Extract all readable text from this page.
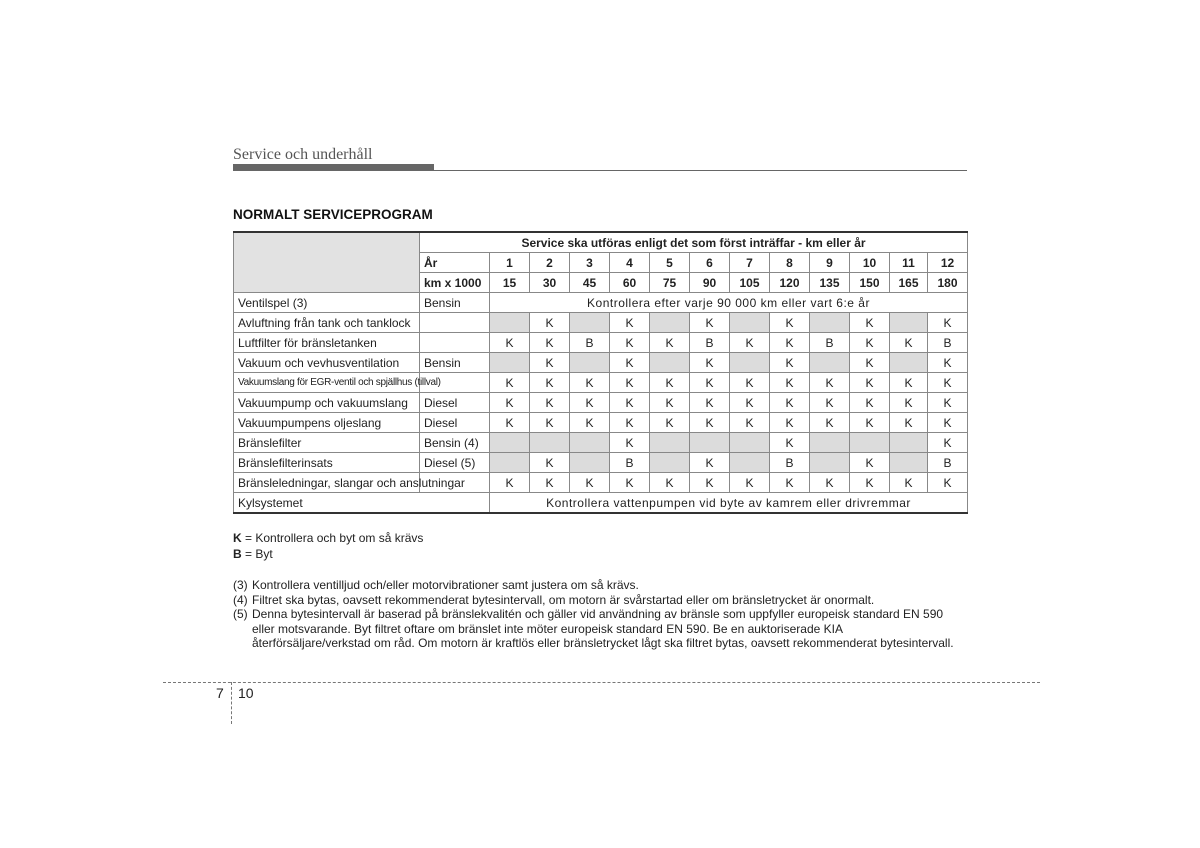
Service och underhåll
NORMALT SERVICEPROGRAM
	Service ska utföras enligt det som först inträffar - km eller år												
	År	1	2	3	4	5	6	7	8	9	10	11	12
	km x 1000	15	30	45	60	75	90	105	120	135	150	165	180
Ventilspel (3)	Bensin	Kontrollera efter varje 90 000 km eller vart 6:e år											
Avluftning från tank och tanklock			K		K		K		K		K		K
Luftfilter för bränsletanken		K	K	B	K	K	B	K	K	B	K	K	B
Vakuum och vevhusventilation	Bensin		K		K		K		K		K		K
Vakuumslang för EGR-ventil och spjällhus (tillval)		K	K	K	K	K	K	K	K	K	K	K	K
Vakuumpump och vakuumslang	Diesel	K	K	K	K	K	K	K	K	K	K	K	K
Vakuumpumpens oljeslang	Diesel	K	K	K	K	K	K	K	K	K	K	K	K
Bränslefilter	Bensin (4)				K				K				K
Bränslefilterinsats	Diesel (5)		K		B		K		B		K		B
Bränsleledningar, slangar och anslutningar		K	K	K	K	K	K	K	K	K	K	K	K
Kylsystemet		Kontrollera vattenpumpen vid byte av kamrem eller drivremmar											
K = Kontrollera och byt om så krävs
B = Byt
(3) Kontrollera ventilljud och/eller motorvibrationer samt justera om så krävs.
(4) Filtret ska bytas, oavsett rekommenderat bytesintervall, om motorn är svårstartad eller om bränsletrycket är onormalt.
(5) Denna bytesintervall är baserad på bränslekvalitén och gäller vid användning av bränsle som uppfyller europeisk standard EN 590 eller motsvarande. Byt filtret oftare om bränslet inte möter europeisk standard EN 590. Be en auktoriserade KIA återförsäljare/verkstad om råd. Om motorn är kraftlös eller bränsletrycket lågt ska filtret bytas, oavsett rekommenderat bytesintervall.
7 10
